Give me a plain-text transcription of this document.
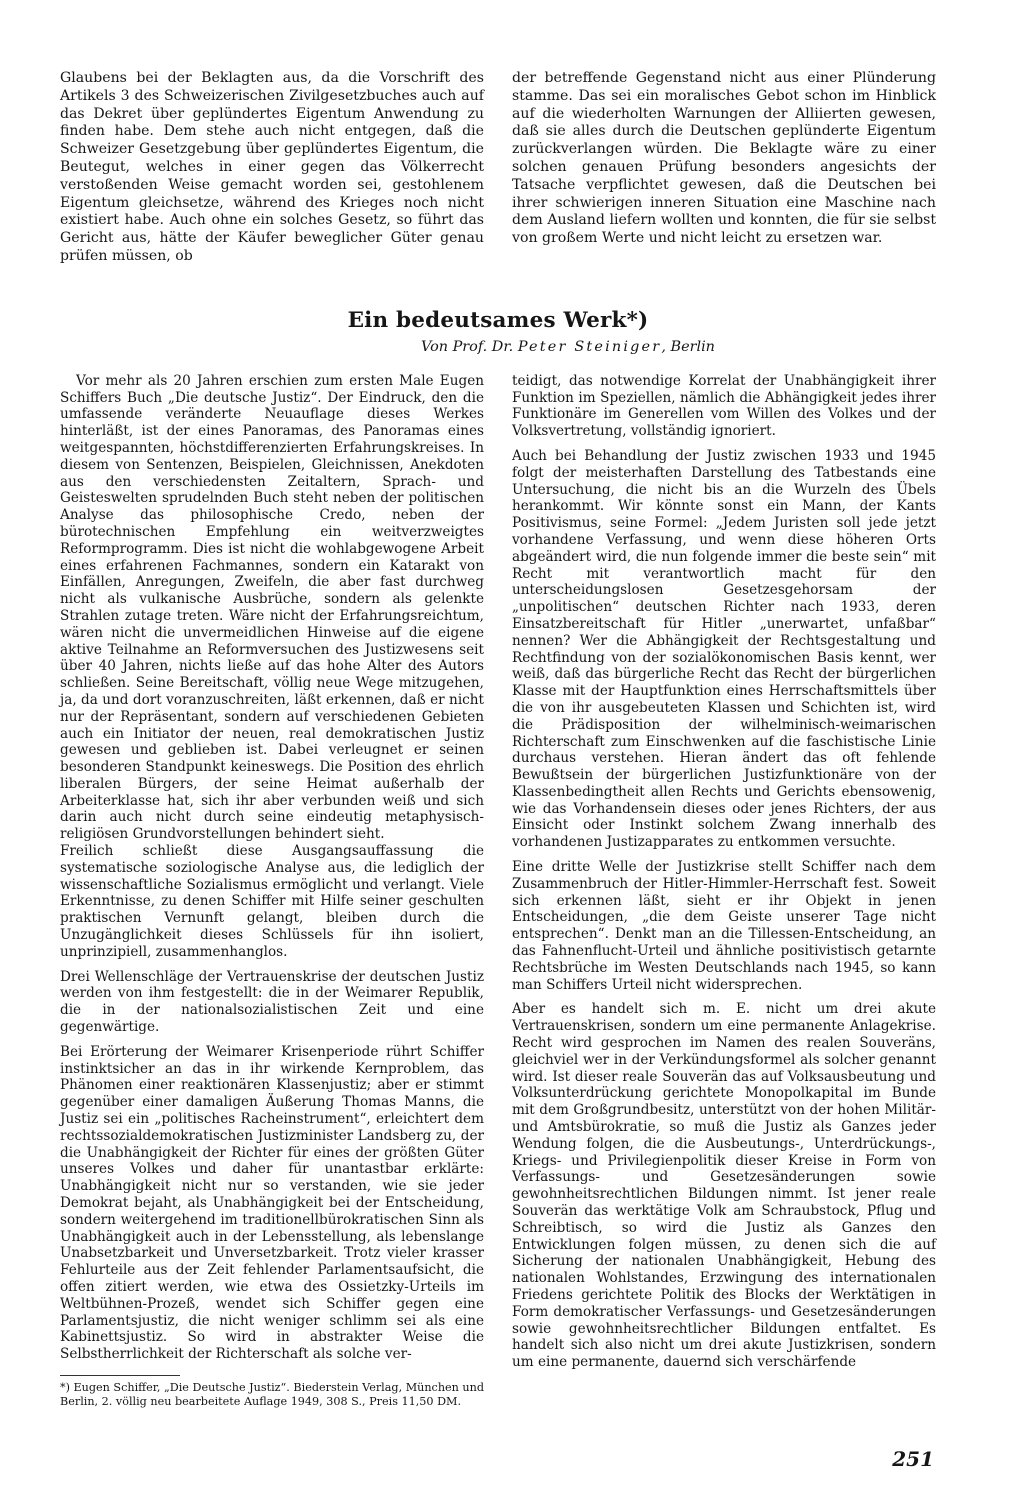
Glaubens bei der Beklagten aus, da die Vorschrift des Artikels 3 des Schweizerischen Zivilgesetzbuches auch auf das Dekret über geplündertes Eigentum Anwendung zu finden habe. Dem stehe auch nicht entgegen, daß die Schweizer Gesetzgebung über geplündertes Eigentum, die Beutegut, welches in einer gegen das Völkerrecht verstoßenden Weise gemacht worden sei, gestohlenem Eigentum gleichsetze, während des Krieges noch nicht existiert habe. Auch ohne ein solches Gesetz, so führt das Gericht aus, hätte der Käufer beweglicher Güter genau prüfen müssen, ob

der betreffende Gegenstand nicht aus einer Plünderung stamme. Das sei ein moralisches Gebot schon im Hinblick auf die wiederholten Warnungen der Alliierten gewesen, daß sie alles durch die Deutschen geplünderte Eigentum zurückverlangen würden. Die Beklagte wäre zu einer solchen genauen Prüfung besonders angesichts der Tatsache verpflichtet gewesen, daß die Deutschen bei ihrer schwierigen inneren Situation eine Maschine nach dem Ausland liefern wollten und konnten, die für sie selbst von großem Werte und nicht leicht zu ersetzen war.

Ein bedeutsames Werk*)
Von Prof. Dr. Peter Steiniger, Berlin

Vor mehr als 20 Jahren erschien zum ersten Male Eugen Schiffers Buch „Die deutsche Justiz“. Der Eindruck, den die umfassende veränderte Neuauflage dieses Werkes hinterläßt, ist der eines Panoramas, des Panoramas eines weitgespannten, höchstdifferenzierten Erfahrungskreises. In diesem von Sentenzen, Beispielen, Gleichnissen, Anekdoten aus den verschiedensten Zeitaltern, Sprach- und Geisteswelten sprudelnden Buch steht neben der politischen Analyse das philosophische Credo, neben der bürotechnischen Empfehlung ein weitverzweigtes Reformprogramm. Dies ist nicht die wohlabgewogene Arbeit eines erfahrenen Fachmannes, sondern ein Katarakt von Einfällen, Anregungen, Zweifeln, die aber fast durchweg nicht als vulkanische Ausbrüche, sondern als gelenkte Strahlen zutage treten. Wäre nicht der Erfahrungsreichtum, wären nicht die unvermeidlichen Hinweise auf die eigene aktive Teilnahme an Reformversuchen des Justizwesens seit über 40 Jahren, nichts ließe auf das hohe Alter des Autors schließen. Seine Bereitschaft, völlig neue Wege mitzugehen, ja, da und dort voranzuschreiten, läßt erkennen, daß er nicht nur der Repräsentant, sondern auf verschiedenen Gebieten auch ein Initiator der neuen, real demokratischen Justiz gewesen und geblieben ist. Dabei verleugnet er seinen besonderen Standpunkt keineswegs. Die Position des ehrlich liberalen Bürgers, der seine Heimat außerhalb der Arbeiterklasse hat, sich ihr aber verbunden weiß und sich darin auch nicht durch seine eindeutig metaphysisch-religiösen Grundvorstellungen behindert sieht.

Freilich schließt diese Ausgangsauffassung die systematische soziologische Analyse aus, die lediglich der wissenschaftliche Sozialismus ermöglicht und verlangt. Viele Erkenntnisse, zu denen Schiffer mit Hilfe seiner geschulten praktischen Vernunft gelangt, bleiben durch die Unzugänglichkeit dieses Schlüssels für ihn isoliert, unprinzipiell, zusammenhanglos.

Drei Wellenschläge der Vertrauenskrise der deutschen Justiz werden von ihm festgestellt: die in der Weimarer Republik, die in der nationalsozialistischen Zeit und eine gegenwärtige.

Bei Erörterung der Weimarer Krisenperiode rührt Schiffer instinktsicher an das in ihr wirkende Kernproblem, das Phänomen einer reaktionären Klassenjustiz; aber er stimmt gegenüber einer damaligen Äußerung Thomas Manns, die Justiz sei ein „politisches Racheinstrument“, erleichtert dem rechtssozialdemokratischen Justizminister Landsberg zu, der die Unabhängigkeit der Richter für eines der größten Güter unseres Volkes und daher für unantastbar erklärte: Unabhängigkeit nicht nur so verstanden, wie sie jeder Demokrat bejaht, als Unabhängigkeit bei der Entscheidung, sondern weitergehend im traditionellbürokratischen Sinn als Unabhängigkeit auch in der Lebensstellung, als lebenslange Unabsetzbarkeit und Unversetzbarkeit. Trotz vieler krasser Fehlurteile aus der Zeit fehlender Parlamentsaufsicht, die offen zitiert werden, wie etwa des Ossietzky-Urteils im Weltbühnen-Prozeß, wendet sich Schiffer gegen eine Parlamentsjustiz, die nicht weniger schlimm sei als eine Kabinettsjustiz. So wird in abstrakter Weise die Selbstherrlichkeit der Richterschaft als solche ver-

*) Eugen Schiffer, „Die Deutsche Justiz“. Biederstein Verlag, München und Berlin, 2. völlig neu bearbeitete Auflage 1949, 308 S., Preis 11,50 DM.

teidigt, das notwendige Korrelat der Unabhängigkeit ihrer Funktion im Speziellen, nämlich die Abhängigkeit jedes ihrer Funktionäre im Generellen vom Willen des Volkes und der Volksvertretung, vollständig ignoriert.

Auch bei Behandlung der Justiz zwischen 1933 und 1945 folgt der meisterhaften Darstellung des Tatbestands eine Untersuchung, die nicht bis an die Wurzeln des Übels herankommt. Wir könnte sonst ein Mann, der Kants Positivismus, seine Formel: „Jedem Juristen soll jede jetzt vorhandene Verfassung, und wenn diese höheren Orts abgeändert wird, die nun folgende immer die beste sein“ mit Recht mit verantwortlich macht für den unterscheidungslosen Gesetzesgehorsam der „unpolitischen“ deutschen Richter nach 1933, deren Einsatzbereitschaft für Hitler „unerwartet, unfaßbar“ nennen? Wer die Abhängigkeit der Rechtsgestaltung und Rechtfindung von der sozialökonomischen Basis kennt, wer weiß, daß das bürgerliche Recht das Recht der bürgerlichen Klasse mit der Hauptfunktion eines Herrschaftsmittels über die von ihr ausgebeuteten Klassen und Schichten ist, wird die Prädisposition der wilhelminisch-weimarischen Richterschaft zum Einschwenken auf die faschistische Linie durchaus verstehen. Hieran ändert das oft fehlende Bewußtsein der bürgerlichen Justizfunktionäre von der Klassenbedingtheit allen Rechts und Gerichts ebensowenig, wie das Vorhandensein dieses oder jenes Richters, der aus Einsicht oder Instinkt solchem Zwang innerhalb des vorhandenen Justizapparates zu entkommen versuchte.

Eine dritte Welle der Justizkrise stellt Schiffer nach dem Zusammenbruch der Hitler-Himmler-Herrschaft fest. Soweit sich erkennen läßt, sieht er ihr Objekt in jenen Entscheidungen, „die dem Geiste unserer Tage nicht entsprechen“. Denkt man an die Tillessen-Entscheidung, an das Fahnenflucht-Urteil und ähnliche positivistisch getarnte Rechtsbrüche im Westen Deutschlands nach 1945, so kann man Schiffers Urteil nicht widersprechen.

Aber es handelt sich m. E. nicht um drei akute Vertrauenskrisen, sondern um eine permanente Anlagekrise. Recht wird gesprochen im Namen des realen Souveräns, gleichviel wer in der Verkündungsformel als solcher genannt wird. Ist dieser reale Souverän das auf Volksausbeutung und Volksunterdrückung gerichtete Monopolkapital im Bunde mit dem Großgrundbesitz, unterstützt von der hohen Militär- und Amtsbürokratie, so muß die Justiz als Ganzes jeder Wendung folgen, die die Ausbeutungs-, Unterdrückungs-, Kriegs- und Privilegienpolitik dieser Kreise in Form von Verfassungs- und Gesetzesänderungen sowie gewohnheitsrechtlichen Bildungen nimmt. Ist jener reale Souverän das werktätige Volk am Schraubstock, Pflug und Schreibtisch, so wird die Justiz als Ganzes den Entwicklungen folgen müssen, zu denen sich die auf Sicherung der nationalen Unabhängigkeit, Hebung des nationalen Wohlstandes, Erzwingung des internationalen Friedens gerichtete Politik des Blocks der Werktätigen in Form demokratischer Verfassungs- und Gesetzesänderungen sowie gewohnheitsrechtlicher Bildungen entfaltet. Es handelt sich also nicht um drei akute Justizkrisen, sondern um eine permanente, dauernd sich verschärfende

251
